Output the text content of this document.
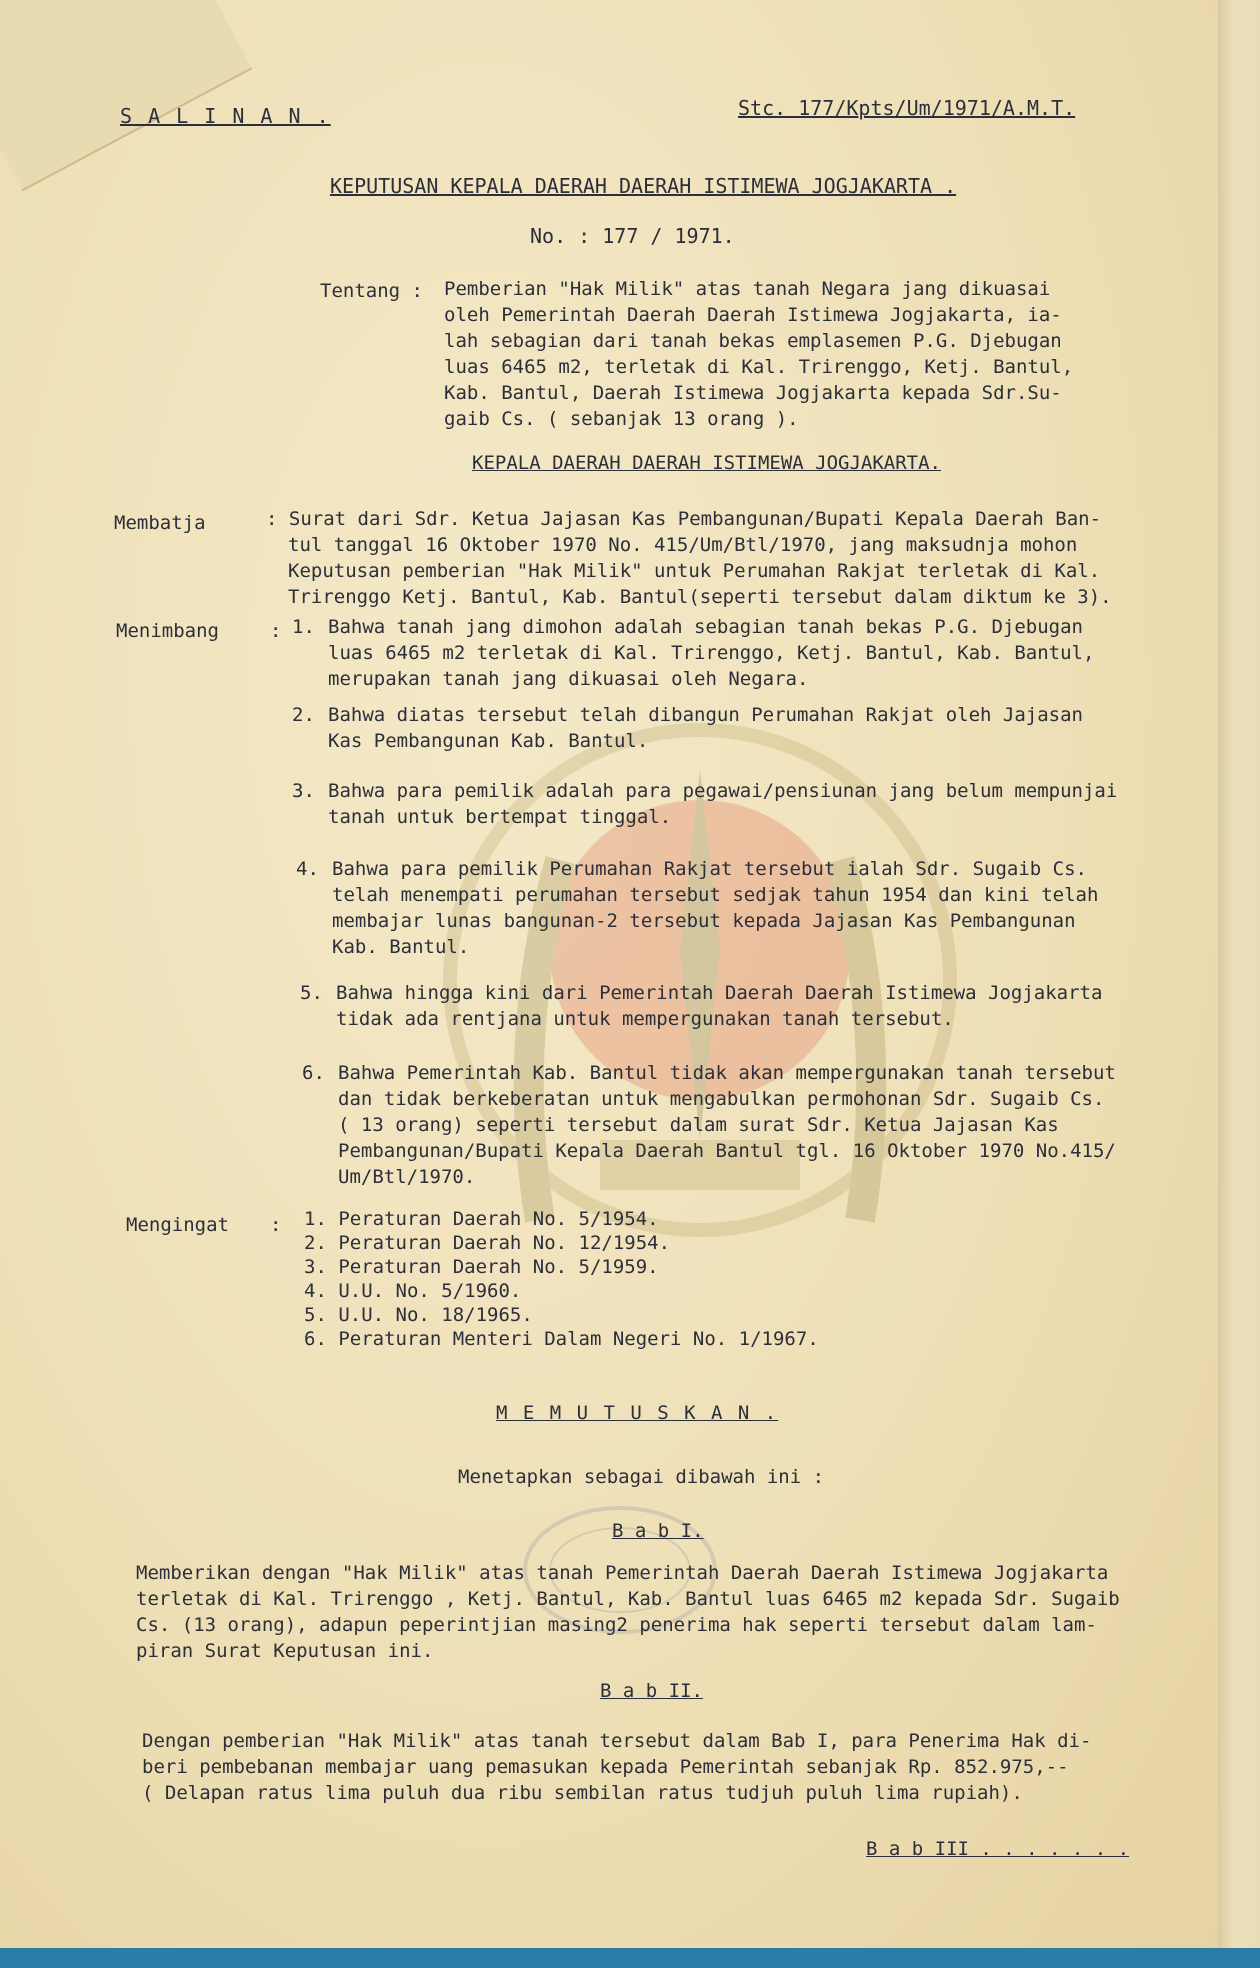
S A L I N A N .	Stc. 177/Kpts/Um/1971/A.M.T.
KEPUTUSAN KEPALA DAERAH DAERAH ISTIMEWA JOGJAKARTA .
No. : 177 / 1971.
Tentang : Pemberian "Hak Milik" atas tanah Negara jang dikuasai
oleh Pemerintah Daerah Daerah Istimewa Jogjakarta, ia-
lah sebagian dari tanah bekas emplasemen P.G. Djebugan
luas 6465 m2, terletak di Kal. Trirenggo, Ketj. Bantul,
Kab. Bantul, Daerah Istimewa Jogjakarta kepada Sdr.Su-
gaib Cs. ( sebanjak 13 orang ).
KEPALA DAERAH DAERAH ISTIMEWA JOGJAKARTA.
Membatja	: Surat dari Sdr. Ketua Jajasan Kas Pembangunan/Bupati Kepala Daerah Ban-
tul tanggal 16 Oktober 1970 No. 415/Um/Btl/1970, jang maksudnja mohon
Keputusan pemberian "Hak Milik" untuk Perumahan Rakjat terletak di Kal.
Trirenggo Ketj. Bantul, Kab. Bantul(seperti tersebut dalam diktum ke 3).
Menimbang	: 1. Bahwa tanah jang dimohon adalah sebagian tanah bekas P.G. Djebugan
luas 6465 m2 terletak di Kal. Trirenggo, Ketj. Bantul, Kab. Bantul,
merupakan tanah jang dikuasai oleh Negara.
2. Bahwa diatas tersebut telah dibangun Perumahan Rakjat oleh Jajasan
Kas Pembangunan Kab. Bantul.
3. Bahwa para pemilik adalah para pegawai/pensiunan jang belum mempunjai
tanah untuk bertempat tinggal.
4. Bahwa para pemilik Perumahan Rakjat tersebut ialah Sdr. Sugaib Cs.
telah menempati perumahan tersebut sedjak tahun 1954 dan kini telah
membajar lunas bangunan-2 tersebut kepada Jajasan Kas Pembangunan
Kab. Bantul.
5. Bahwa hingga kini dari Pemerintah Daerah Daerah Istimewa Jogjakarta
tidak ada rentjana untuk mempergunakan tanah tersebut.
6. Bahwa Pemerintah Kab. Bantul tidak akan mempergunakan tanah tersebut
dan tidak berkeberatan untuk mengabulkan permohonan Sdr. Sugaib Cs.
( 13 orang) seperti tersebut dalam surat Sdr. Ketua Jajasan Kas
Pembangunan/Bupati Kepala Daerah Bantul tgl. 16 Oktober 1970 No.415/
Um/Btl/1970.
Mengingat : 1. Peraturan Daerah No. 5/1954.
2. Peraturan Daerah No. 12/1954.
3. Peraturan Daerah No. 5/1959.
4. U.U. No. 5/1960.
5. U.U. No. 18/1965.
6. Peraturan Menteri Dalam Negeri No. 1/1967.
M E M U T U S K A N .
Menetapkan sebagai dibawah ini :
B a b I.
Memberikan dengan "Hak Milik" atas tanah Pemerintah Daerah Daerah Istimewa Jogjakarta
terletak di Kal. Trirenggo , Ketj. Bantul, Kab. Bantul luas 6465 m2 kepada Sdr. Sugaib
Cs. (13 orang), adapun peperintjian masing2 penerima hak seperti tersebut dalam lam-
piran Surat Keputusan ini.
B a b II.
Dengan pemberian "Hak Milik" atas tanah tersebut dalam Bab I, para Penerima Hak di-
beri pembebanan membajar uang pemasukan kepada Pemerintah sebanjak Rp. 852.975,--
( Delapan ratus lima puluh dua ribu sembilan ratus tudjuh puluh lima rupiah).
B a b III . . . . . . .
